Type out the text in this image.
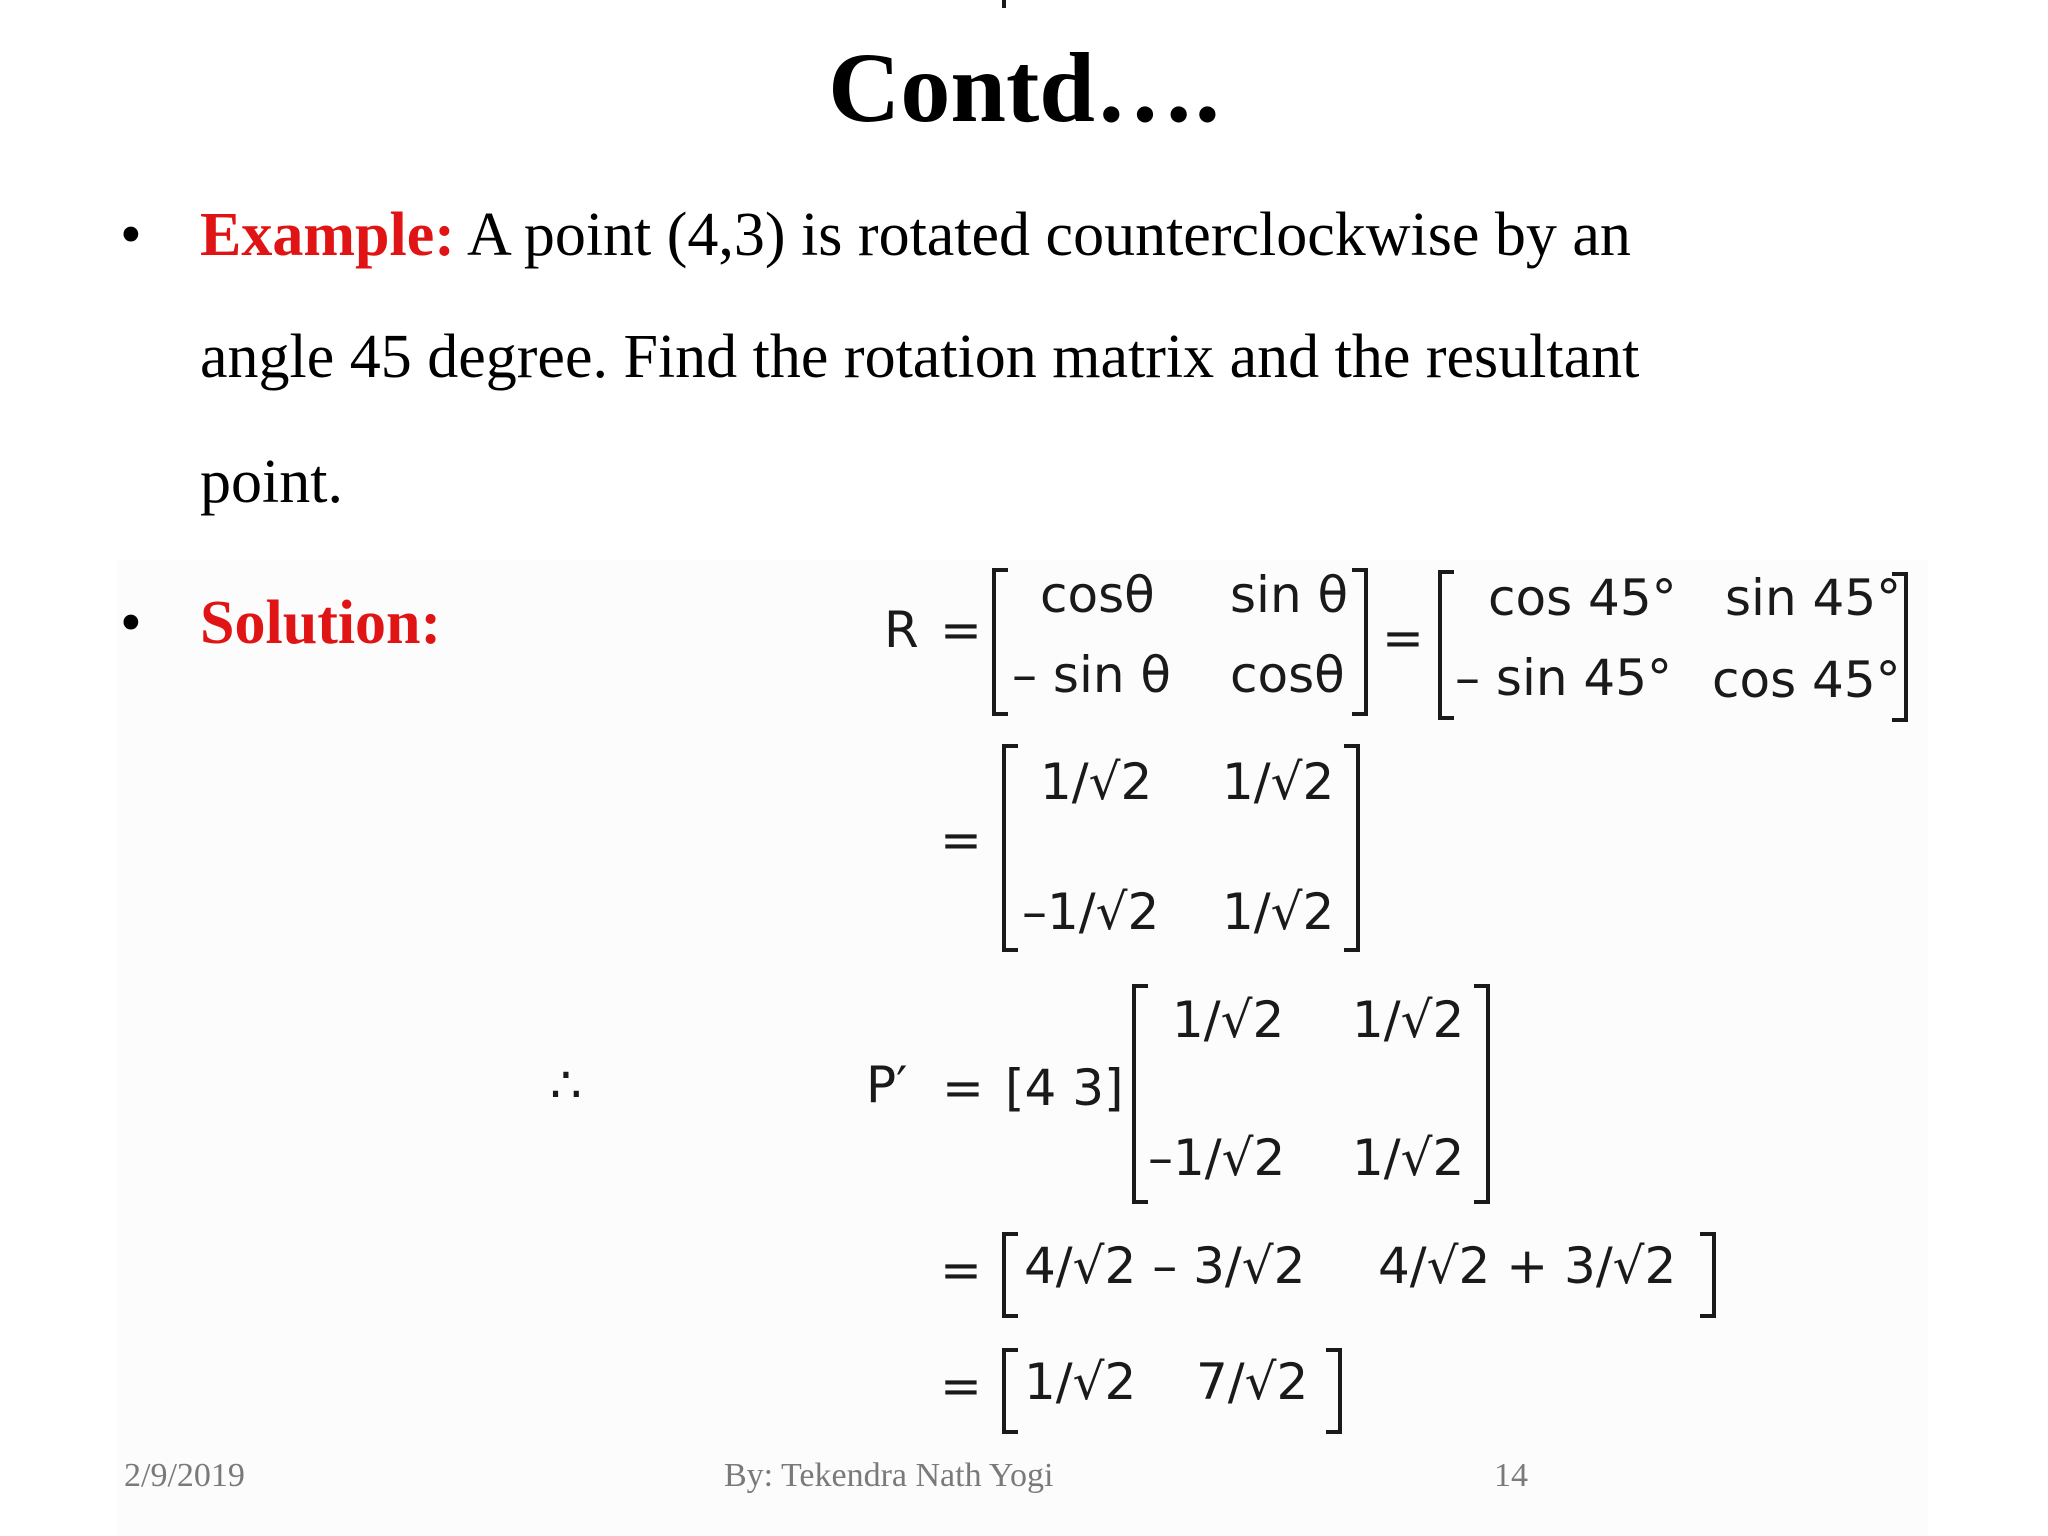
Contd….
• Example: A point (4,3) is rotated counterclockwise by an
angle 45 degree. Find the rotation matrix and the resultant
point.
• Solution:	R =
cosθ sin θ
– sin θ cosθ
=
cos 45° sin 45°
– sin 45° cos 45°
=
1/√2 1/√2
–1/√2 1/√2
∴	P′ = [4 3]
1/√2 1/√2
–1/√2 1/√2
= 4/√2 – 3/√2 4/√2 + 3/√2
= 1/√2 7/√2
2/9/2019	By: Tekendra Nath Yogi	14
